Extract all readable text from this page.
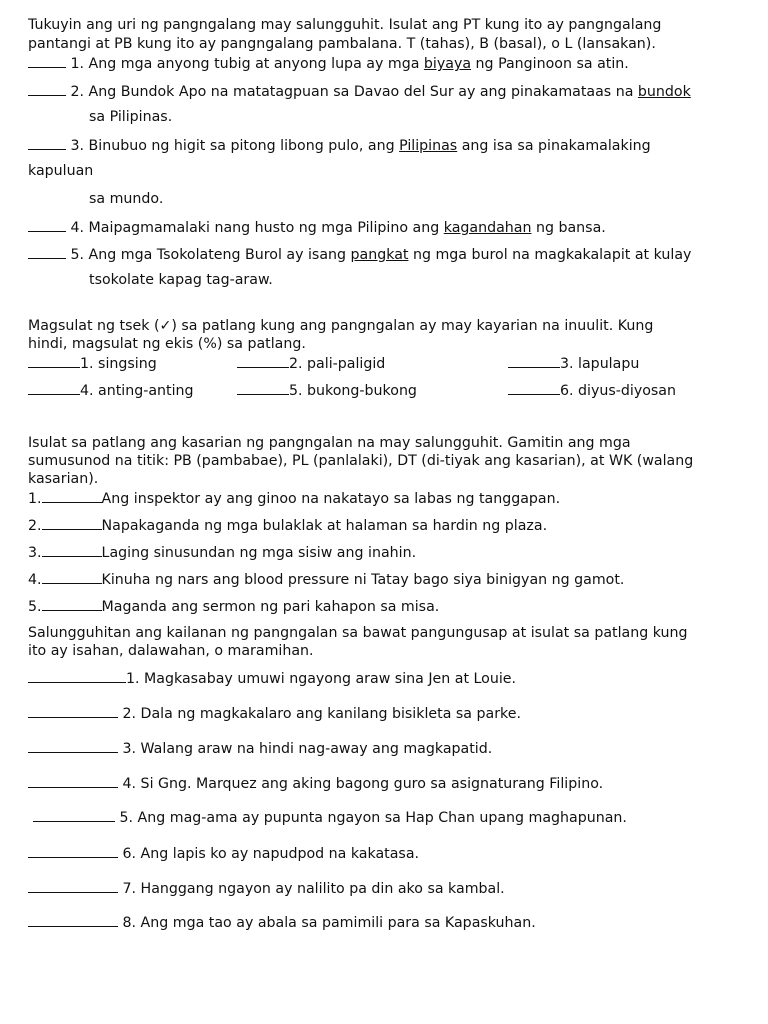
Tukuyin ang uri ng pangngalang may salungguhit. Isulat ang PT kung ito ay pangngalang
pantangi at PB kung ito ay pangngalang pambalana. T (tahas), B (basal), o L (lansakan).
1. Ang mga anyong tubig at anyong lupa ay mga biyaya ng Panginoon sa atin.
2. Ang Bundok Apo na matatagpuan sa Davao del Sur ay ang pinakamataas na bundok
sa Pilipinas.
3. Binubuo ng higit sa pitong libong pulo, ang Pilipinas ang isa sa pinakamalaking
kapuluan
sa mundo.
4. Maipagmamalaki nang husto ng mga Pilipino ang kagandahan ng bansa.
5. Ang mga Tsokolateng Burol ay isang pangkat ng mga burol na magkakalapit at kulay
tsokolate kapag tag-araw.
Magsulat ng tsek (✓) sa patlang kung ang pangngalan ay may kayarian na inuulit. Kung
hindi, magsulat ng ekis (%) sa patlang.
1. singsing	2. pali-paligid	3. lapulapu
4. anting-anting	5. bukong-bukong	6. diyus-diyosan
Isulat sa patlang ang kasarian ng pangngalan na may salungguhit. Gamitin ang mga
sumusunod na titik: PB (pambabae), PL (panlalaki), DT (di-tiyak ang kasarian), at WK (walang
kasarian).
1.	Ang inspektor ay ang ginoo na nakatayo sa labas ng tanggapan.
2.	Napakaganda ng mga bulaklak at halaman sa hardin ng plaza.
3.	Laging sinusundan ng mga sisiw ang inahin.
4.	Kinuha ng nars ang blood pressure ni Tatay bago siya binigyan ng gamot.
5.	Maganda ang sermon ng pari kahapon sa misa.
Salungguhitan ang kailanan ng pangngalan sa bawat pangungusap at isulat sa patlang kung
ito ay isahan, dalawahan, o maramihan.
1. Magkasabay umuwi ngayong araw sina Jen at Louie.
2. Dala ng magkakalaro ang kanilang bisikleta sa parke.
3. Walang araw na hindi nag-away ang magkapatid.
4. Si Gng. Marquez ang aking bagong guro sa asignaturang Filipino.
5. Ang mag-ama ay pupunta ngayon sa Hap Chan upang maghapunan.
6. Ang lapis ko ay napudpod na kakatasa.
7. Hanggang ngayon ay nalilito pa din ako sa kambal.
8. Ang mga tao ay abala sa pamimili para sa Kapaskuhan.
